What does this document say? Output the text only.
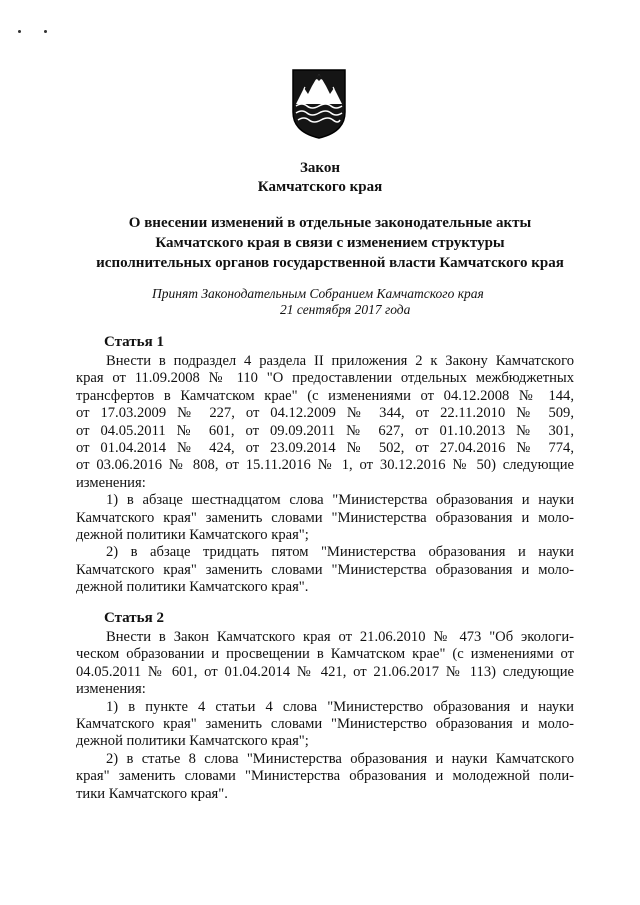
Закон
Камчатского края
О внесении изменений в отдельные законодательные акты
Камчатского края в связи с изменением структуры
исполнительных органов государственной власти Камчатского края
Принят Законодательным Собранием Камчатского края
21 сентября 2017 года
Статья 1
Внести в подраздел 4 раздела II приложения 2 к Закону Камчатского
края от 11.09.2008 № 110 "О предоставлении отдельных межбюджетных
трансфертов в Камчатском крае" (с изменениями от 04.12.2008 № 144,
от 17.03.2009 № 227, от 04.12.2009 № 344, от 22.11.2010 № 509,
от 04.05.2011 № 601, от 09.09.2011 № 627, от 01.10.2013 № 301,
от 01.04.2014 № 424, от 23.09.2014 № 502, от 27.04.2016 № 774,
от 03.06.2016 № 808, от 15.11.2016 № 1, от 30.12.2016 № 50) следующие
изменения:
1) в абзаце шестнадцатом слова "Министерства образования и науки
Камчатского края" заменить словами "Министерства образования и моло-
дежной политики Камчатского края";
2) в абзаце тридцать пятом "Министерства образования и науки
Камчатского края" заменить словами "Министерства образования и моло-
дежной политики Камчатского края".
Статья 2
Внести в Закон Камчатского края от 21.06.2010 № 473 "Об экологи-
ческом образовании и просвещении в Камчатском крае" (с изменениями от
04.05.2011 № 601, от 01.04.2014 № 421, от 21.06.2017 № 113) следующие
изменения:
1) в пункте 4 статьи 4 слова "Министерство образования и науки
Камчатского края" заменить словами "Министерство образования и моло-
дежной политики Камчатского края";
2) в статье 8 слова "Министерства образования и науки Камчатского
края" заменить словами "Министерства образования и молодежной поли-
тики Камчатского края".
